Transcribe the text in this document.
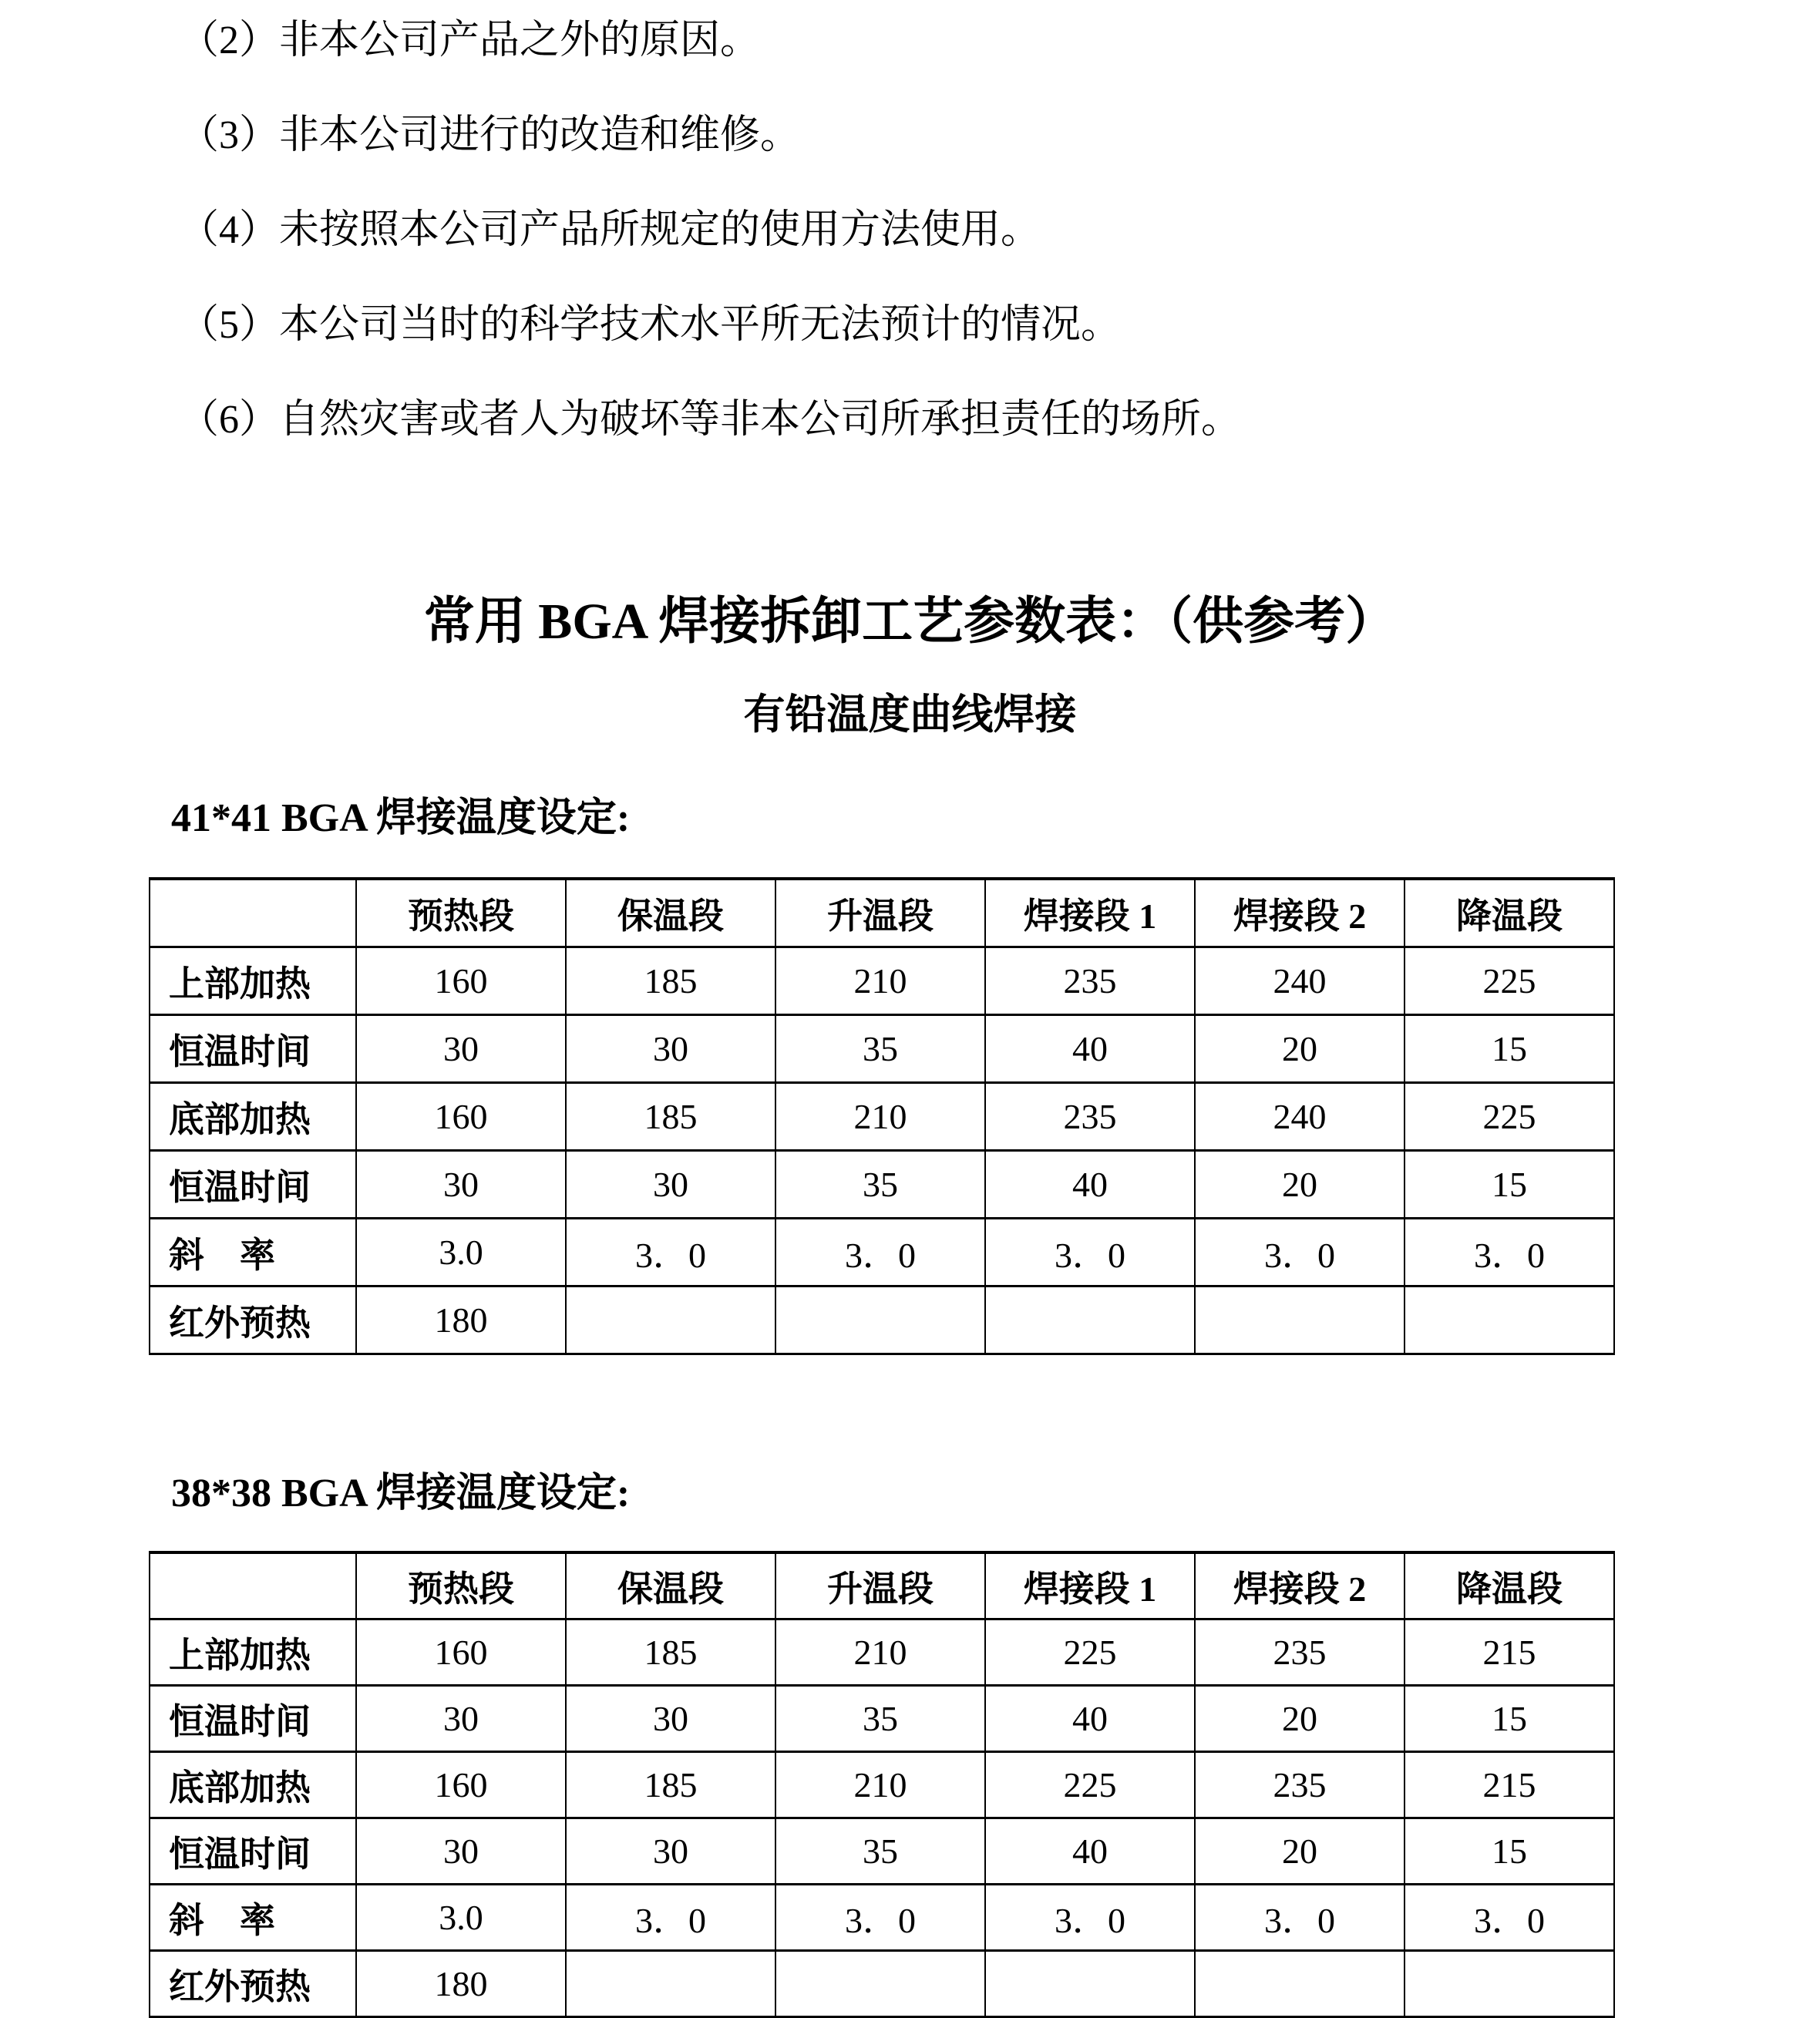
（2）非本公司产品之外的原因。
（3）非本公司进行的改造和维修。
（4）未按照本公司产品所规定的使用方法使用。
（5）本公司当时的科学技术水平所无法预计的情况。
（6）自然灾害或者人为破坏等非本公司所承担责任的场所。
常用 BGA 焊接拆卸工艺参数表：（供参考）
有铅温度曲线焊接
41*41 BGA 焊接温度设定:
	预热段	保温段	升温段	焊接段 1	焊接段 2	降温段
上部加热	160	185	210	235	240	225
恒温时间	30	30	35	40	20	15
底部加热	160	185	210	235	240	225
恒温时间	30	30	35	40	20	15
斜　率	3.0	3．0	3．0	3．0	3．0	3．0
红外预热	180					
38*38 BGA 焊接温度设定:
	预热段	保温段	升温段	焊接段 1	焊接段 2	降温段
上部加热	160	185	210	225	235	215
恒温时间	30	30	35	40	20	15
底部加热	160	185	210	225	235	215
恒温时间	30	30	35	40	20	15
斜　率	3.0	3．0	3．0	3．0	3．0	3．0
红外预热	180					
